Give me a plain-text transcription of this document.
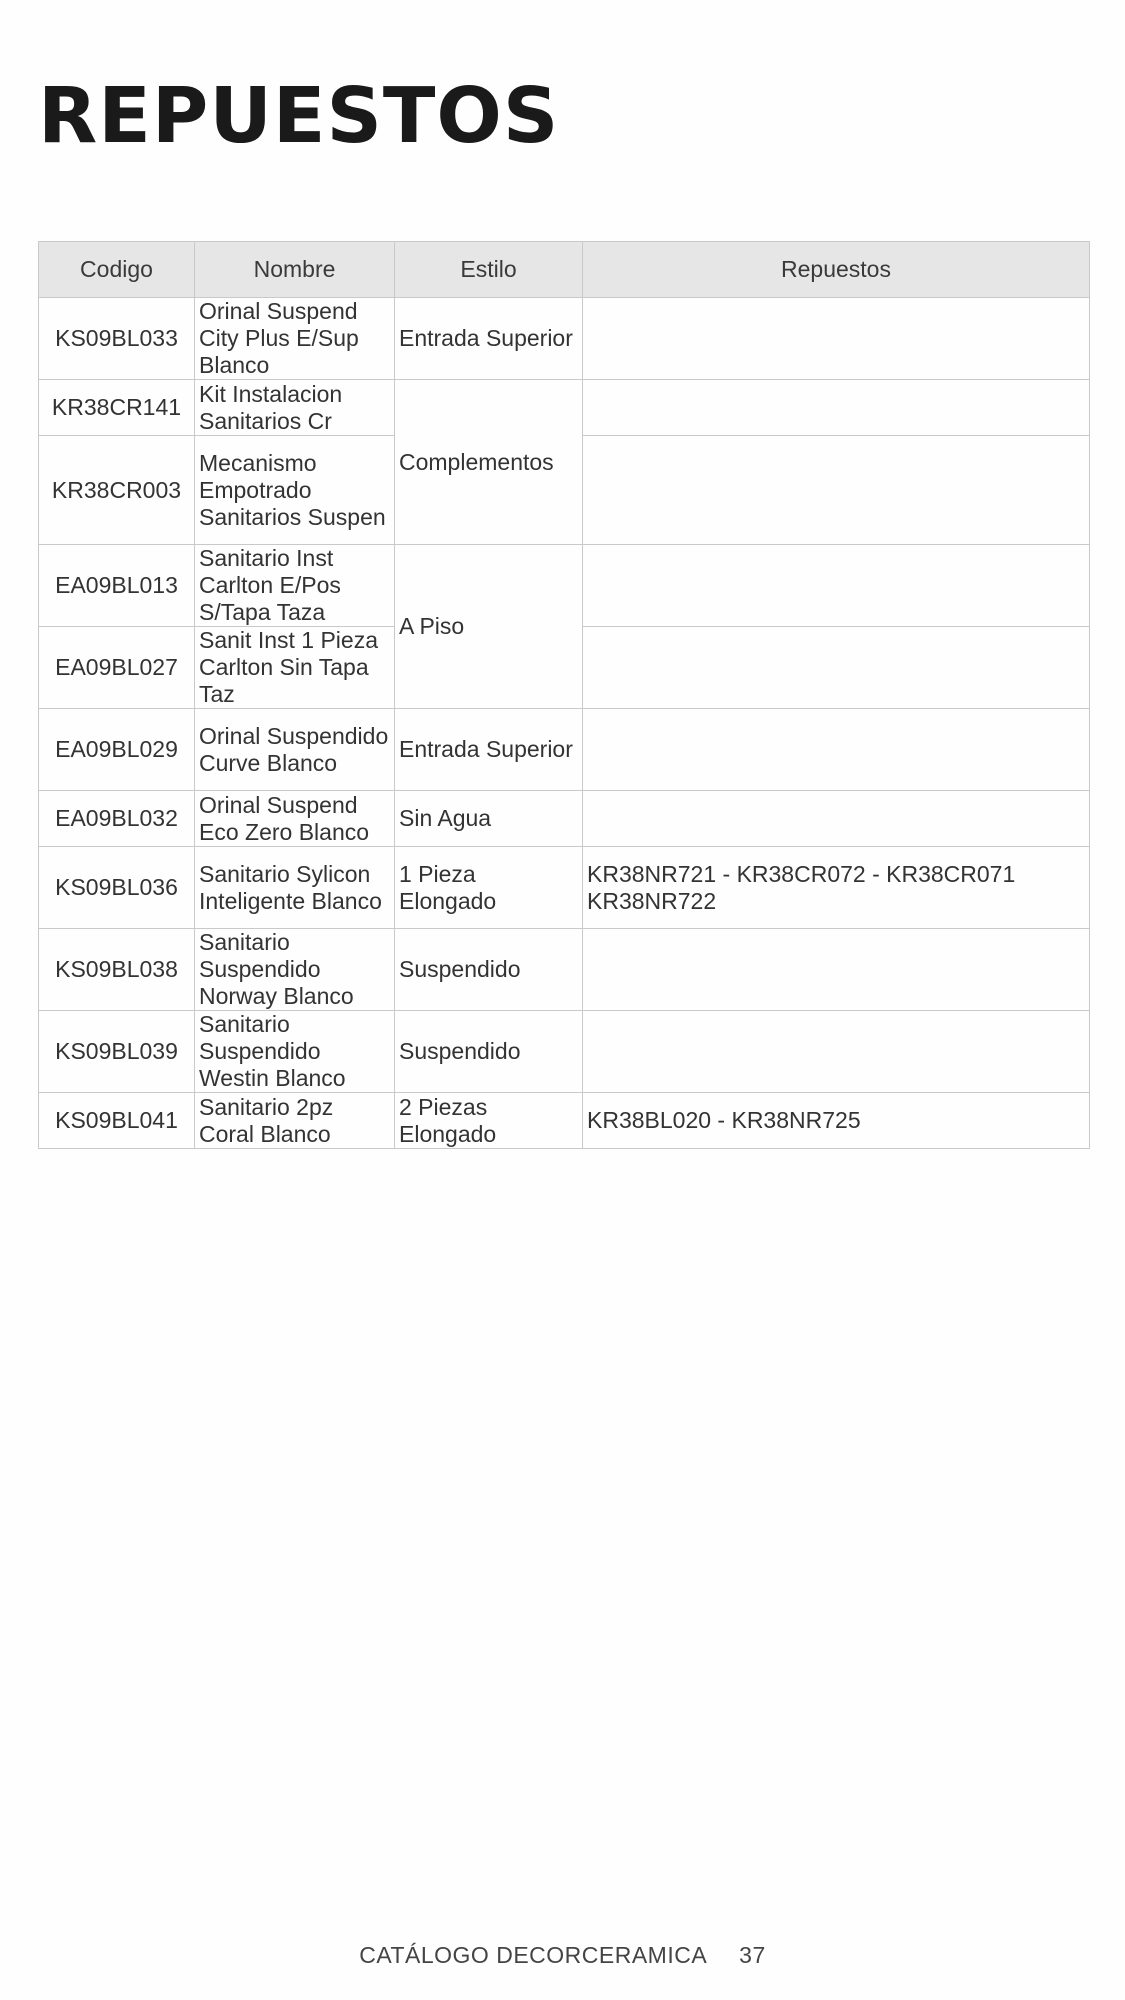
REPUESTOS
Codigo	Nombre	Estilo	Repuestos
KS09BL033	Orinal Suspend City Plus E/Sup Blanco	Entrada Superior	
KR38CR141	Kit Instalacion Sanitarios Cr	Complementos	
KR38CR003	Mecanismo Empotrado Sanitarios Suspen		
EA09BL013	Sanitario Inst Carlton E/Pos S/Tapa Taza	A Piso	
EA09BL027	Sanit Inst 1 Pieza Carlton Sin Tapa Taz		
EA09BL029	Orinal Suspendido Curve Blanco	Entrada Superior	
EA09BL032	Orinal Suspend Eco Zero Blanco	Sin Agua	
KS09BL036	Sanitario Sylicon Inteligente Blanco	1 Pieza Elongado	KR38NR721 - KR38CR072 - KR38CR071
KR38NR722

KS09BL038	Sanitario Suspendido Norway Blanco	Suspendido	
KS09BL039	Sanitario Suspendido Westin Blanco	Suspendido	
KS09BL041	Sanitario 2pz Coral Blanco	2 Piezas Elongado	KR38BL020 - KR38NR725
CATÁLOGO DECORCERAMICA 37
